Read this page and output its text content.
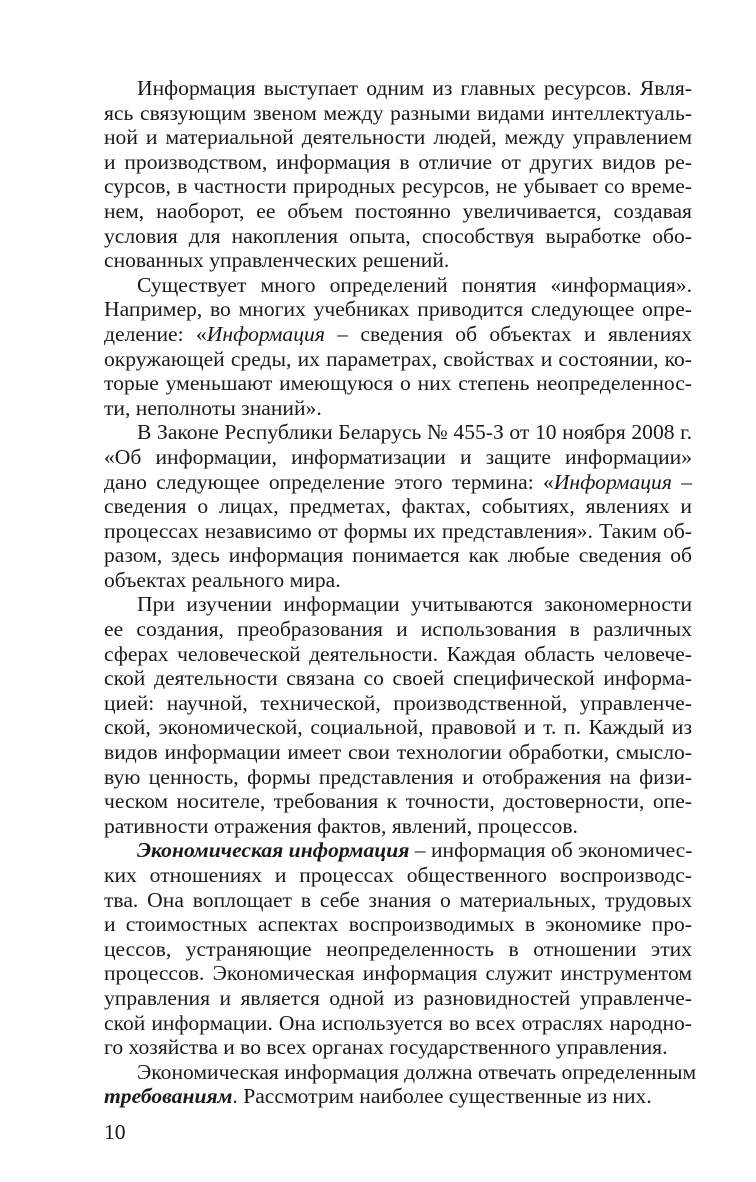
Информация выступает одним из главных ресурсов. Явля-
ясь связующим звеном между разными видами интеллектуаль-
ной и материальной деятельности людей, между управлением
и производством, информация в отличие от других видов ре-
сурсов, в частности природных ресурсов, не убывает со време-
нем, наоборот, ее объем постоянно увеличивается, создавая
условия для накопления опыта, способствуя выработке обо-
снованных управленческих решений.
Существует много определений понятия «информация».
Например, во многих учебниках приводится следующее опре-
деление: «Информация – сведения об объектах и явлениях
окружающей среды, их параметрах, свойствах и состоянии, ко-
торые уменьшают имеющуюся о них степень неопределеннос-
ти, неполноты знаний».
В Законе Республики Беларусь № 455-З от 10 ноября 2008 г.
«Об информации, информатизации и защите информации»
дано следующее определение этого термина: «Информация –
сведения о лицах, предметах, фактах, событиях, явлениях и
процессах независимо от формы их представления». Таким об-
разом, здесь информация понимается как любые сведения об
объектах реального мира.
При изучении информации учитываются закономерности
ее создания, преобразования и использования в различных
сферах человеческой деятельности. Каждая область человече-
ской деятельности связана со своей специфической информа-
цией: научной, технической, производственной, управленче-
ской, экономической, социальной, правовой и т. п. Каждый из
видов информации имеет свои технологии обработки, смысло-
вую ценность, формы представления и отображения на физи-
ческом носителе, требования к точности, достоверности, опе-
ративности отражения фактов, явлений, процессов.
Экономическая информация – информация об экономичес-
ких отношениях и процессах общественного воспроизводс-
тва. Она воплощает в себе знания о материальных, трудовых
и стоимостных аспектах воспроизводимых в экономике про-
цессов, устраняющие неопределенность в отношении этих
процессов. Экономическая информация служит инструментом
управления и является одной из разновидностей управленче-
ской информации. Она используется во всех отраслях народно-
го хозяйства и во всех органах государственного управления.
Экономическая информация должна отвечать определенным
требованиям. Рассмотрим наиболее существенные из них.
10
